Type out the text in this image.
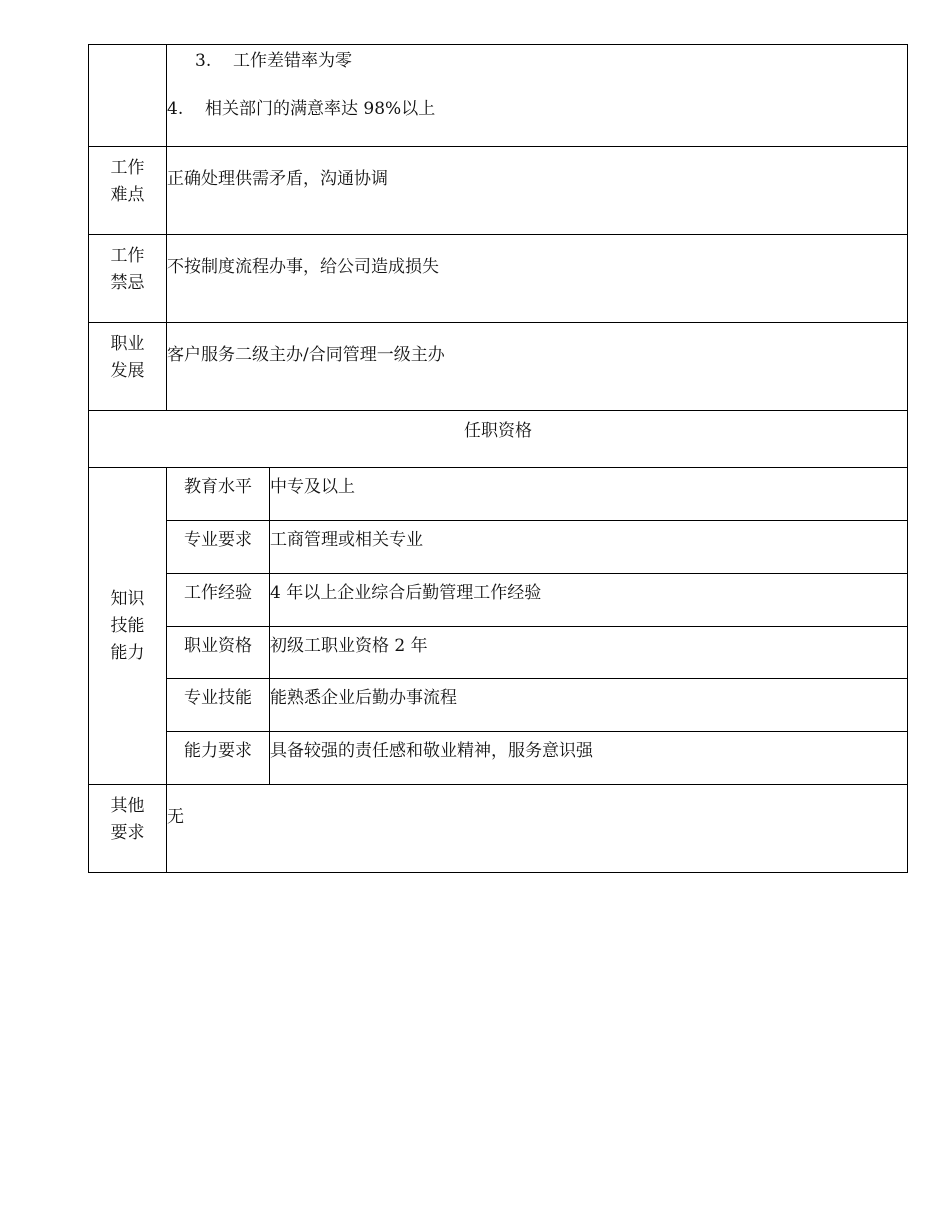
	3. 工作差错率为零
4. 相关部门的满意率达 98%以上	

工作
难点	正确处理供需矛盾，沟通协调	

工作
禁忌	不按制度流程办事，给公司造成损失	

职业
发展	客户服务二级主办/合同管理一级主办	
任职资格		

知识
技能
能力	教育水平	中专及以上
	专业要求	工商管理或相关专业
	工作经验	4 年以上企业综合后勤管理工作经验
	职业资格	初级工职业资格 2 年
	专业技能	能熟悉企业后勤办事流程
	能力要求	具备较强的责任感和敬业精神，服务意识强

其他
要求	无	
